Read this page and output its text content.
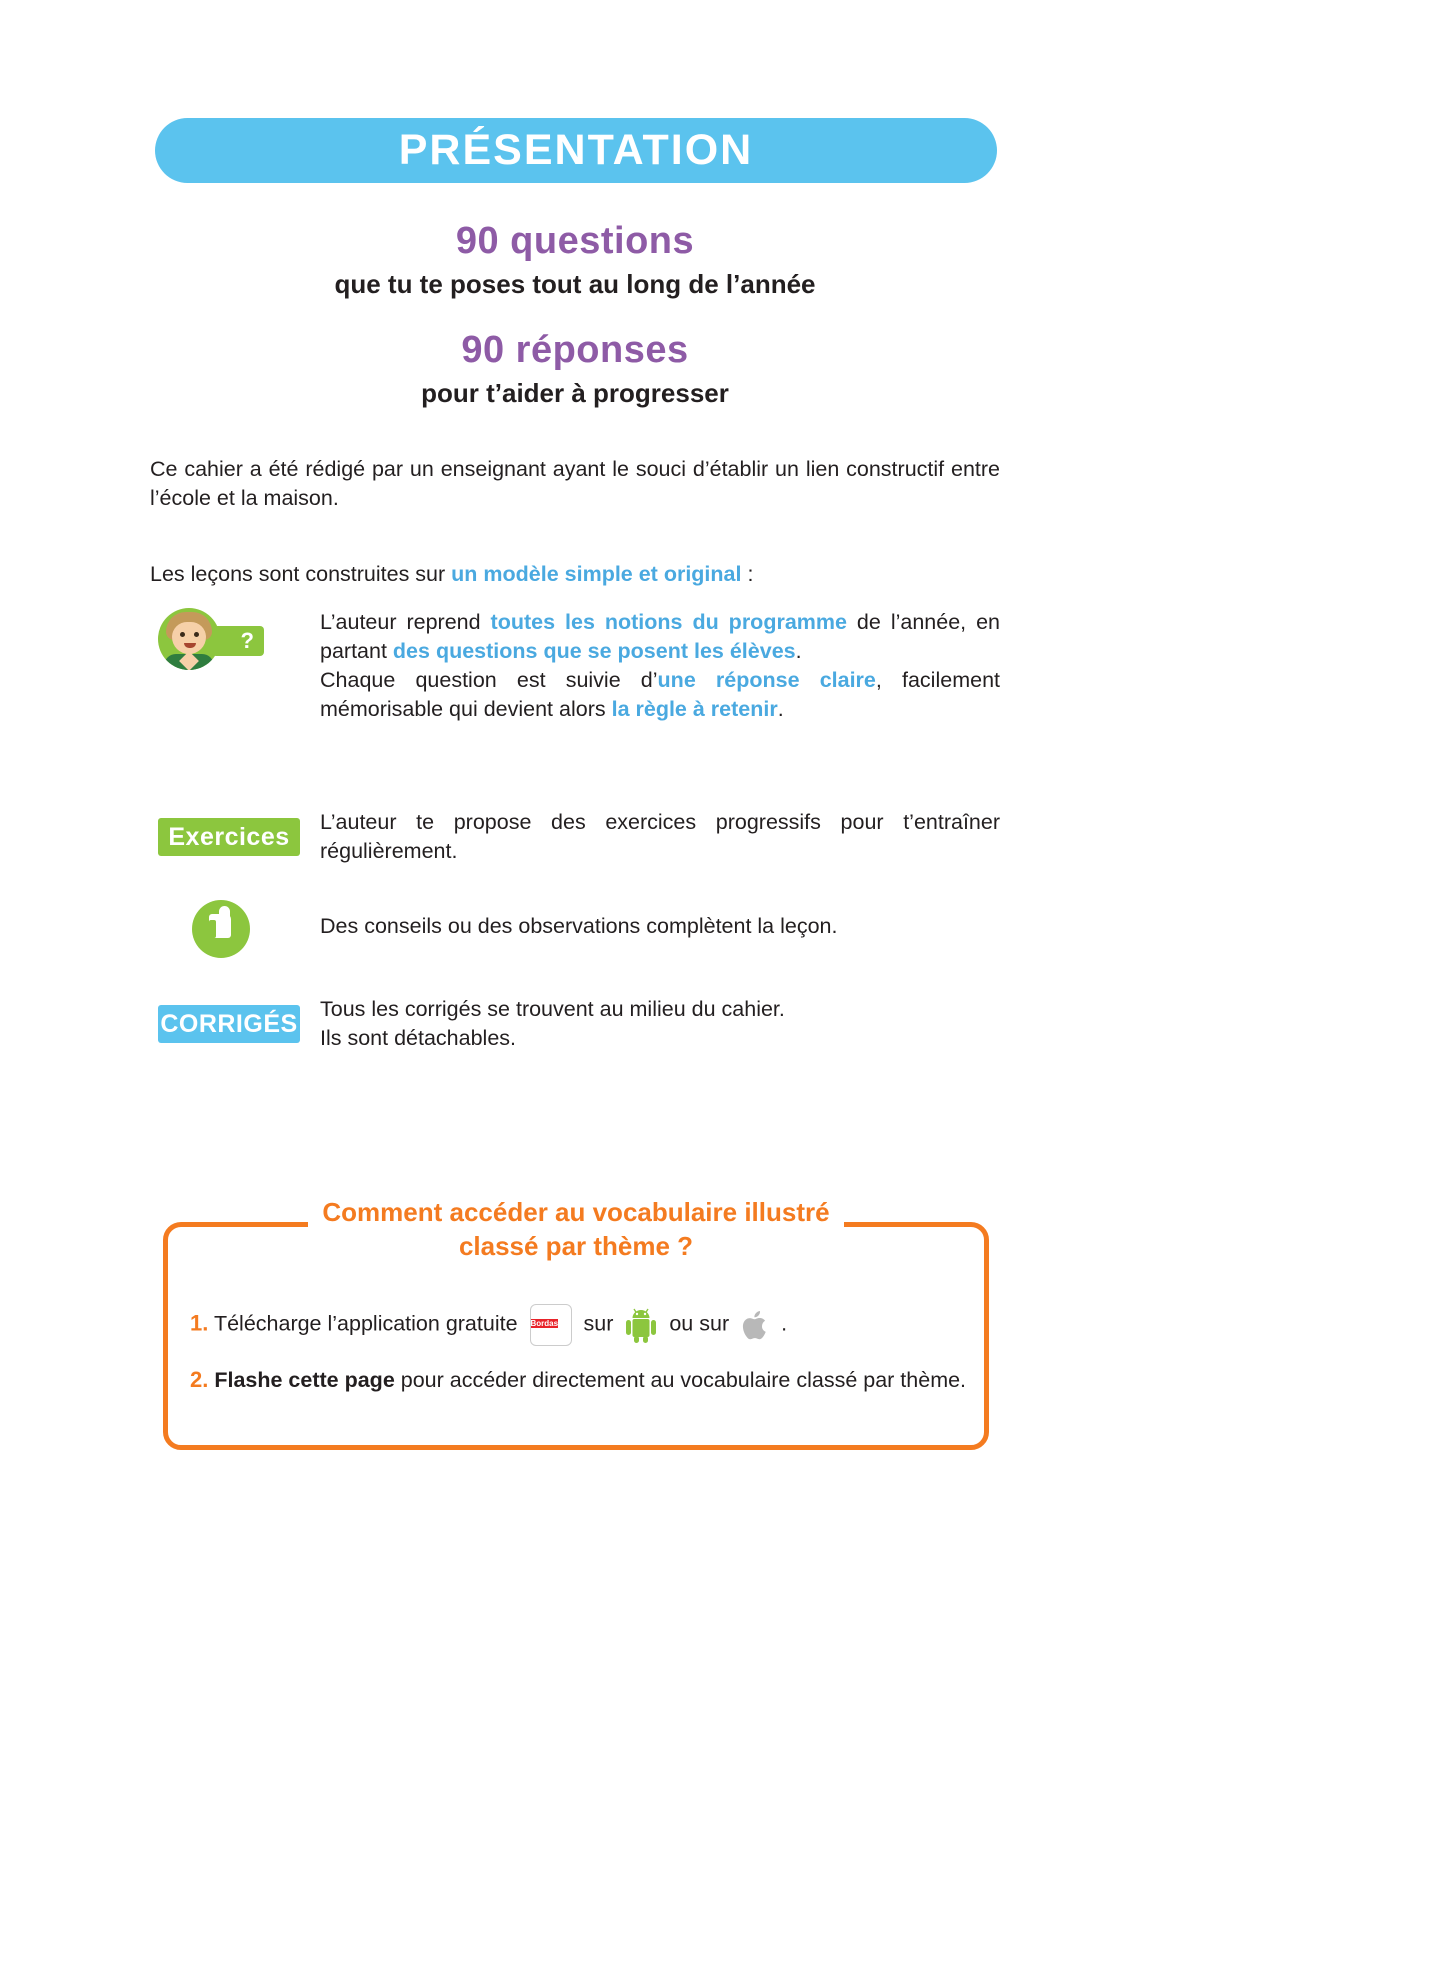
PRÉSENTATION
90 questions
que tu te poses tout au long de l’année
90 réponses
pour t’aider à progresser
Ce cahier a été rédigé par un enseignant ayant le souci d’établir un lien constructif entre l’école et la maison.
Les leçons sont construites sur un modèle simple et original :
?
L’auteur reprend toutes les notions du programme de l’année, en partant des questions que se posent les élèves.
Chaque question est suivie d’une réponse claire, facilement mémorisable qui devient alors la règle à retenir.
Exercices
L’auteur te propose des exercices progressifs pour t’entraîner régulièrement.
Des conseils ou des observations complètent la leçon.
CORRIGÉS
Tous les corrigés se trouvent au milieu du cahier.
Ils sont détachables.
Comment accéder au vocabulaire illustré
classé par thème ?
1. Télécharge l’application gratuite Bordas sur	ou sur .
2. Flashe cette page pour accéder directement au vocabulaire classé par thème.
